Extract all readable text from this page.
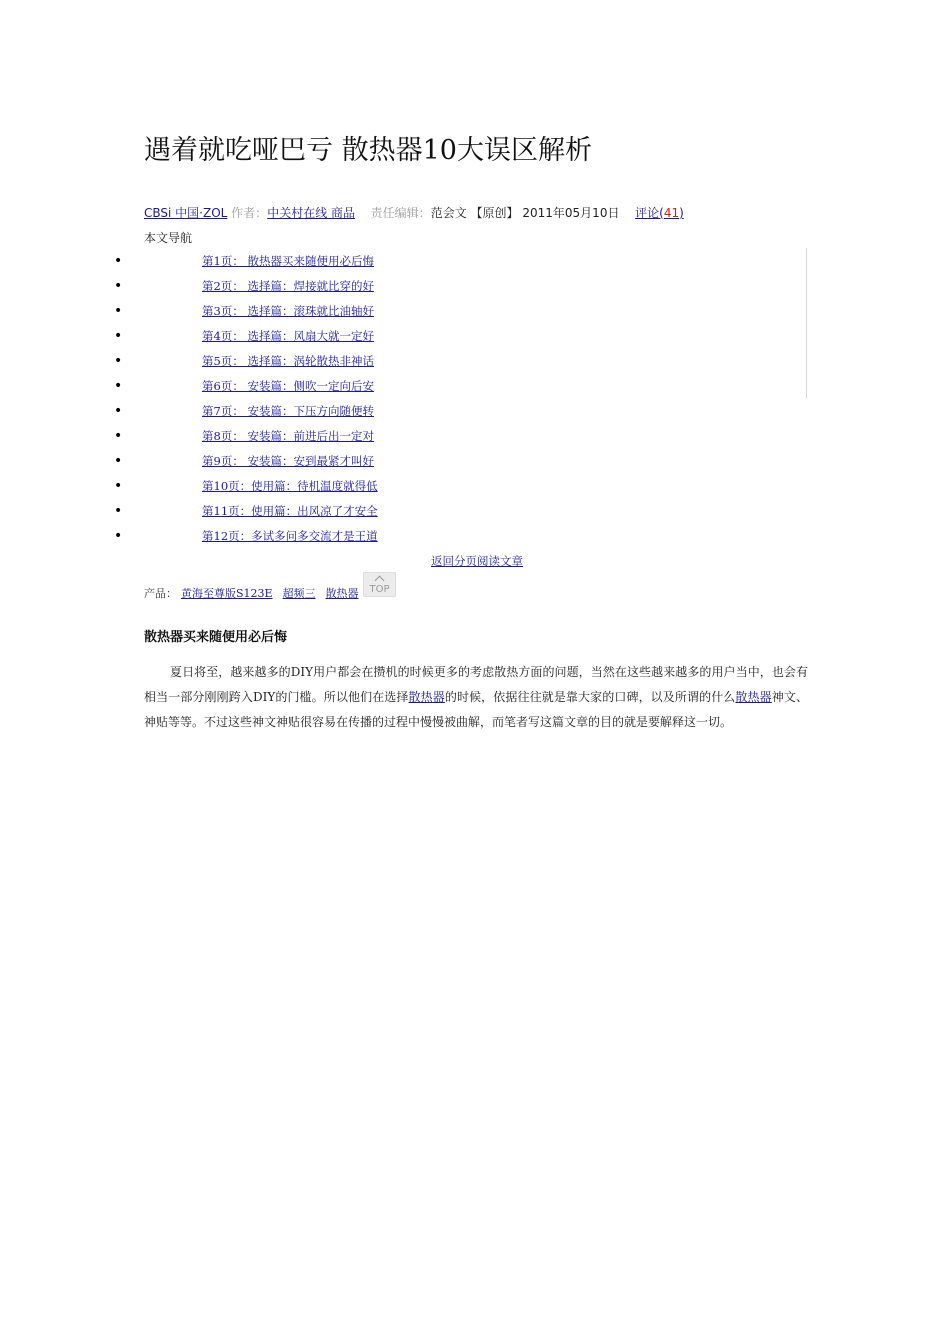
遇着就吃哑巴亏 散热器10大误区解析
CBSi 中国·ZOL 作者：中关村在线 商品 责任编辑：范会文 【原创】 2011年05月10日 评论(41)
本文导航
•	第1页： 散热器买来随便用必后悔
•	第2页： 选择篇：焊接就比穿的好
•	第3页： 选择篇：滚珠就比油轴好
•	第4页： 选择篇：风扇大就一定好
•	第5页： 选择篇：涡轮散热非神话
•	第6页： 安装篇：侧吹一定向后安
•	第7页： 安装篇：下压方向随便转
•	第8页： 安装篇：前进后出一定对
•	第9页： 安装篇：安到最紧才叫好
•	第10页：使用篇：待机温度就得低
•	第11页：使用篇：出风凉了才安全
•	第12页：多试多问多交流才是王道
返回分页阅读文章
产品： 黄海至尊版S123E 超频三 散热器	TOP
散热器买来随便用必后悔

夏日将至，越来越多的DIY用户都会在攒机的时候更多的考虑散热方面的问题，当然在这些越来越多的用户当中，也会有相当一部分刚刚跨入DIY的门槛。所以他们在选择散热器的时候，依据往往就是靠大家的口碑，以及所谓的什么散热器神文、神贴等等。不过这些神文神贴很容易在传播的过程中慢慢被曲解，而笔者写这篇文章的目的就是要解释这一切。
